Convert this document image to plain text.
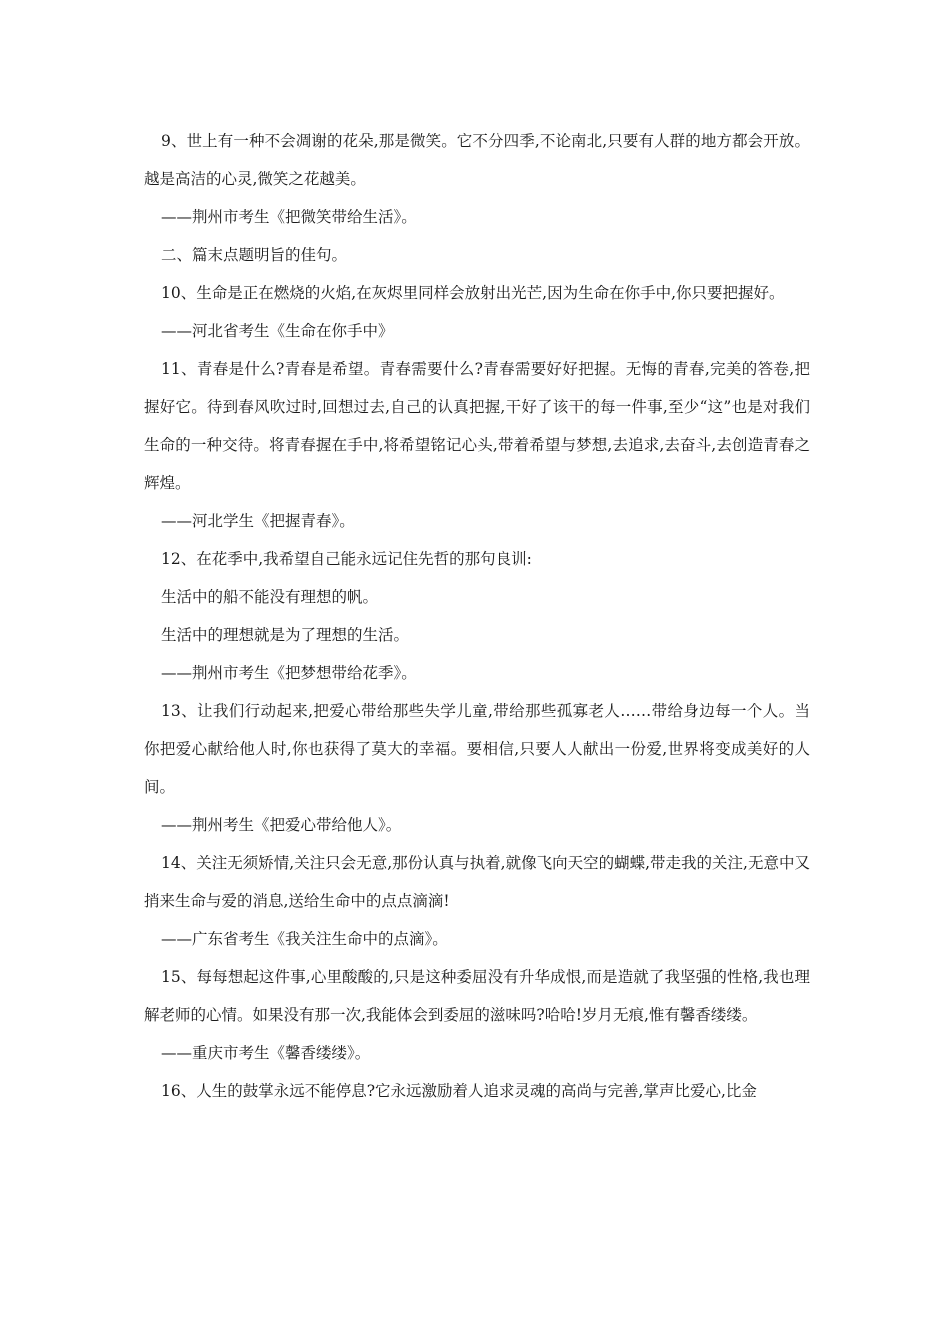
9、世上有一种不会凋谢的花朵,那是微笑。它不分四季,不论南北,只要有人群的地方都会开放。越是高洁的心灵,微笑之花越美。

——荆州市考生《把微笑带给生活》。

二、篇末点题明旨的佳句。

10、生命是正在燃烧的火焰,在灰烬里同样会放射出光芒,因为生命在你手中,你只要把握好。

——河北省考生《生命在你手中》

11、青春是什么?青春是希望。青春需要什么?青春需要好好把握。无悔的青春,完美的答卷,把握好它。待到春风吹过时,回想过去,自己的认真把握,干好了该干的每一件事,至少“这”也是对我们生命的一种交待。将青春握在手中,将希望铭记心头,带着希望与梦想,去追求,去奋斗,去创造青春之辉煌。

——河北学生《把握青春》。

12、在花季中,我希望自己能永远记住先哲的那句良训:

生活中的船不能没有理想的帆。

生活中的理想就是为了理想的生活。

——荆州市考生《把梦想带给花季》。

13、让我们行动起来,把爱心带给那些失学儿童,带给那些孤寡老人……带给身边每一个人。当你把爱心献给他人时,你也获得了莫大的幸福。要相信,只要人人献出一份爱,世界将变成美好的人间。

——荆州考生《把爱心带给他人》。

14、关注无须矫情,关注只会无意,那份认真与执着,就像飞向天空的蝴蝶,带走我的关注,无意中又捎来生命与爱的消息,送给生命中的点点滴滴!

——广东省考生《我关注生命中的点滴》。

15、每每想起这件事,心里酸酸的,只是这种委屈没有升华成恨,而是造就了我坚强的性格,我也理解老师的心情。如果没有那一次,我能体会到委屈的滋味吗?哈哈!岁月无痕,惟有馨香缕缕。

——重庆市考生《馨香缕缕》。

16、人生的鼓掌永远不能停息?它永远激励着人追求灵魂的高尚与完善,掌声比爱心,比金
